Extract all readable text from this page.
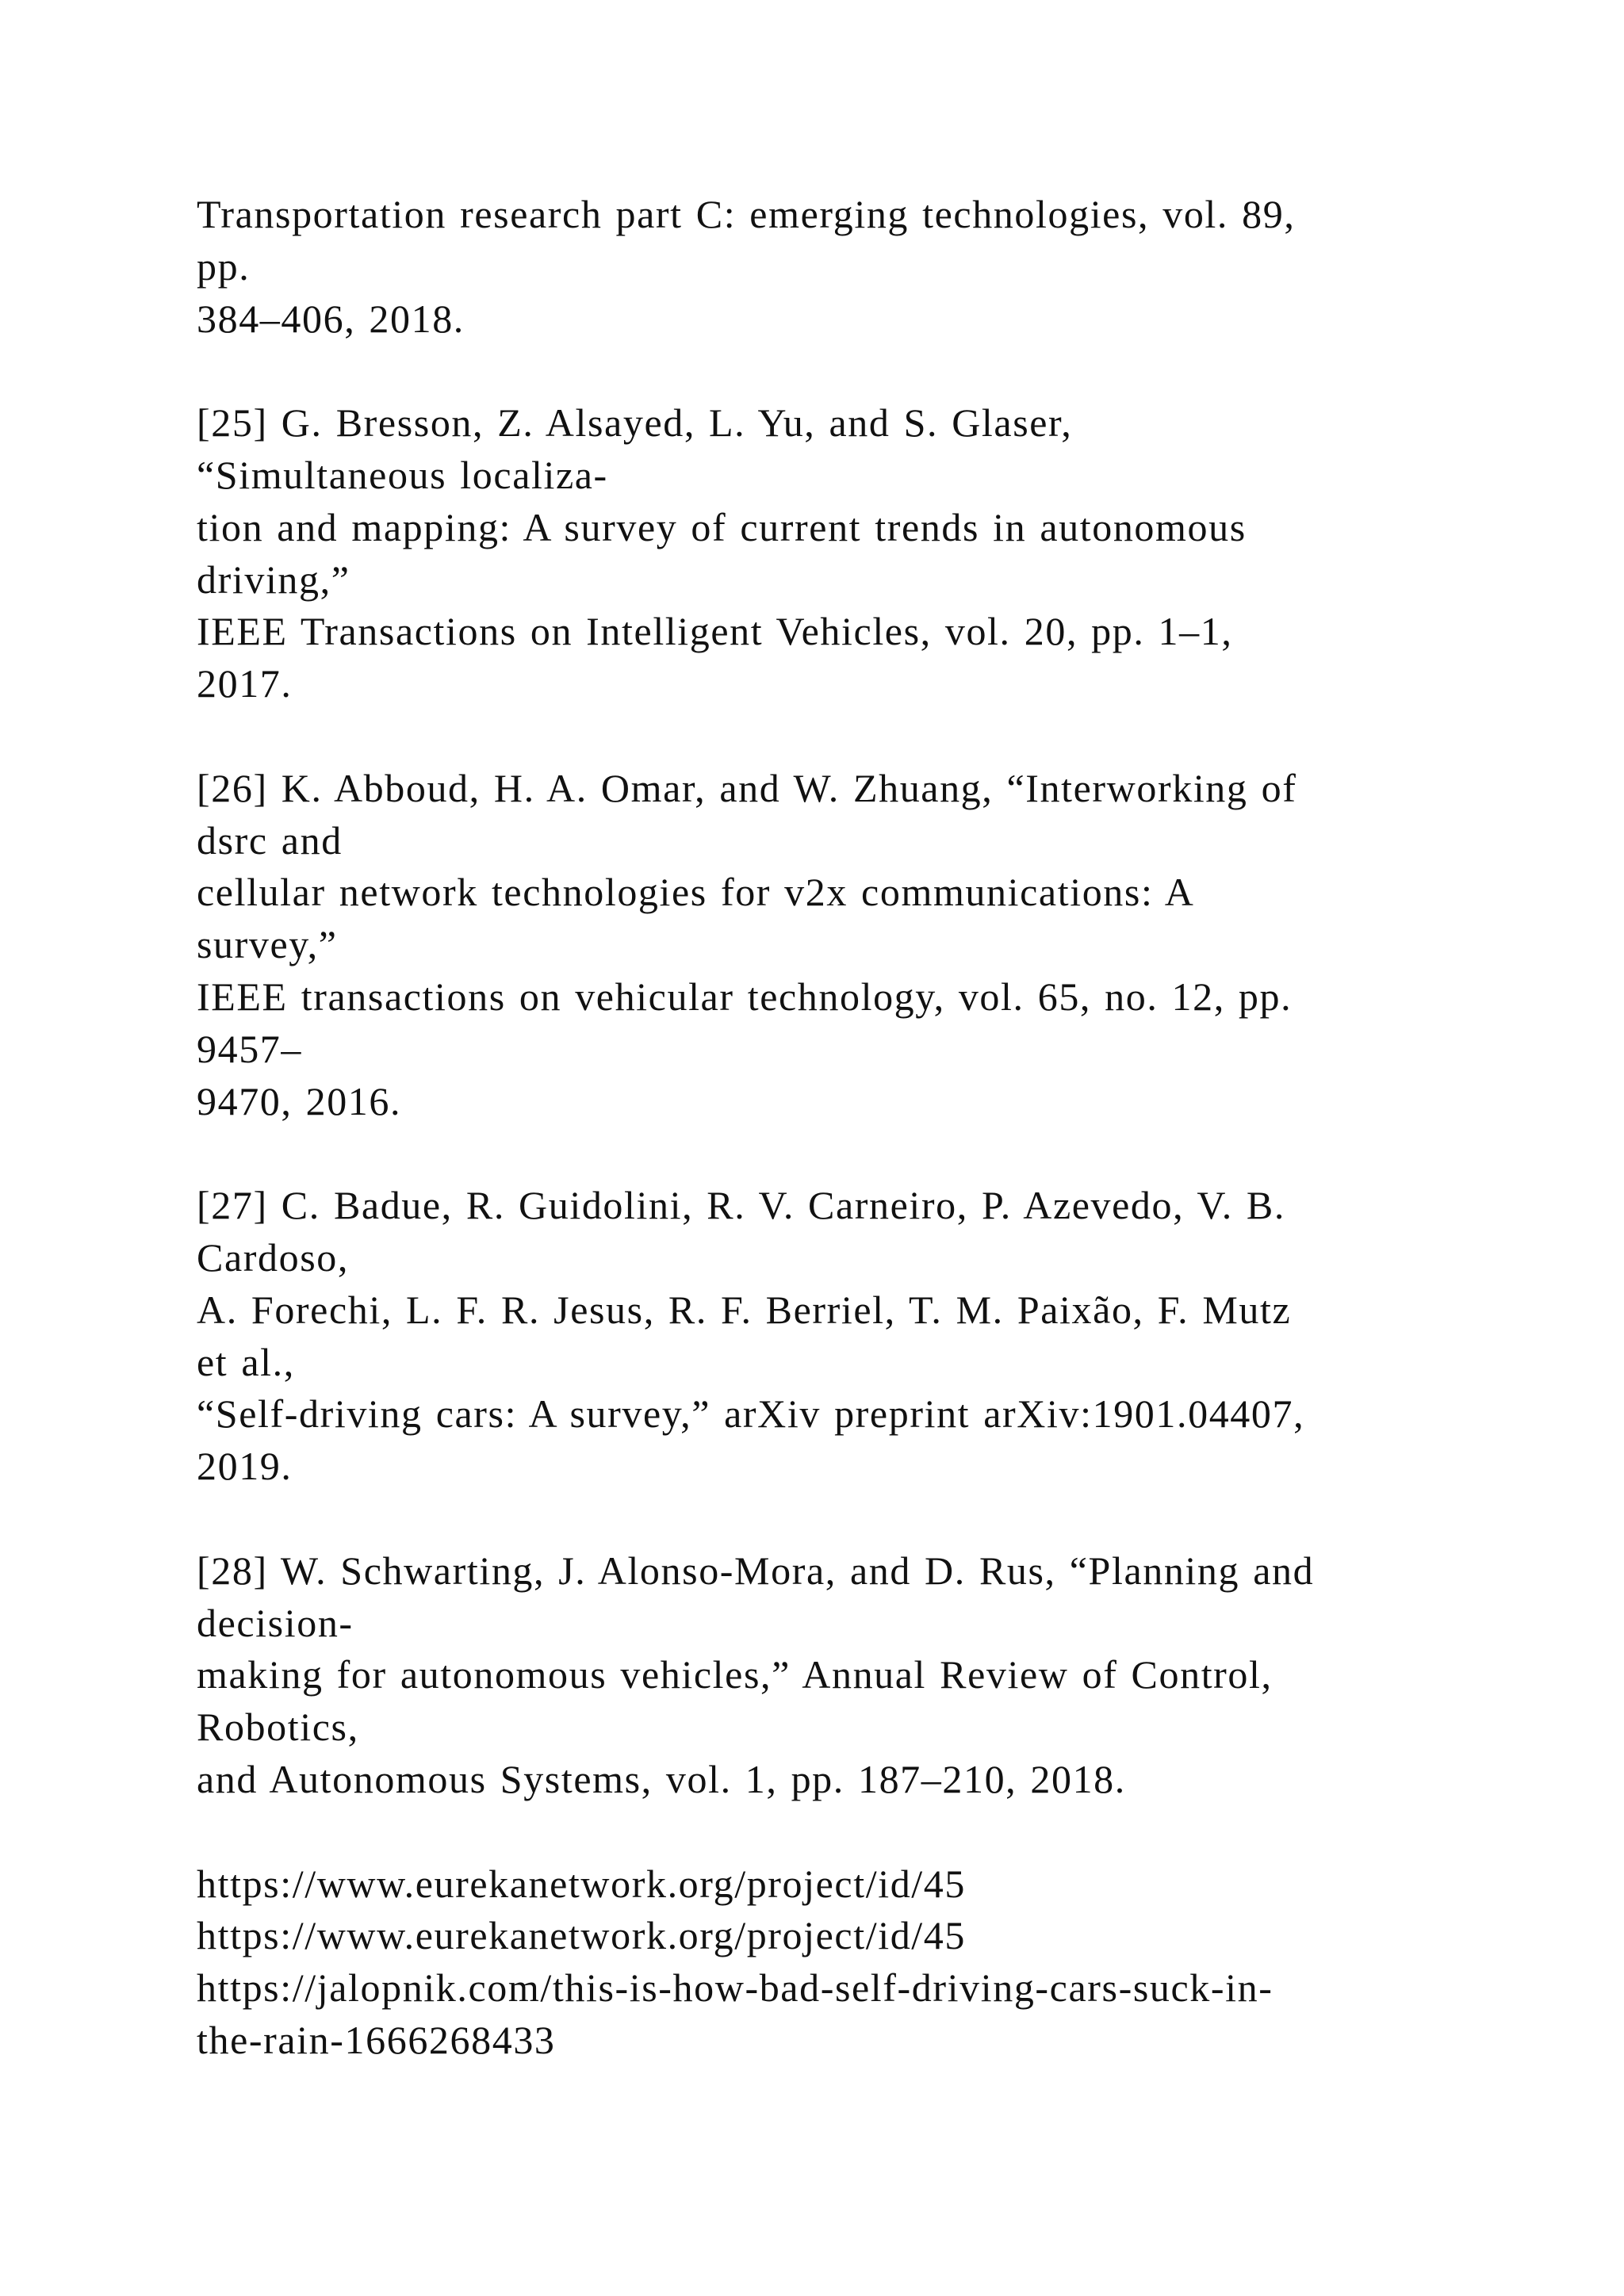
Transportation research part C: emerging technologies, vol. 89,
pp.
384–406, 2018.
[25] G. Bresson, Z. Alsayed, L. Yu, and S. Glaser,
“Simultaneous localiza-
tion and mapping: A survey of current trends in autonomous
driving,”
IEEE Transactions on Intelligent Vehicles, vol. 20, pp. 1–1,
2017.
[26] K. Abboud, H. A. Omar, and W. Zhuang, “Interworking of
dsrc and
cellular network technologies for v2x communications: A
survey,”
IEEE transactions on vehicular technology, vol. 65, no. 12, pp.
9457–
9470, 2016.
[27] C. Badue, R. Guidolini, R. V. Carneiro, P. Azevedo, V. B.
Cardoso,
A. Forechi, L. F. R. Jesus, R. F. Berriel, T. M. Paixão, F. Mutz
et al.,
“Self-driving cars: A survey,” arXiv preprint arXiv:1901.04407,
2019.
[28] W. Schwarting, J. Alonso-Mora, and D. Rus, “Planning and
decision-
making for autonomous vehicles,” Annual Review of Control,
Robotics,
and Autonomous Systems, vol. 1, pp. 187–210, 2018.
https://www.eurekanetwork.org/project/id/45
https://www.eurekanetwork.org/project/id/45
https://jalopnik.com/this-is-how-bad-self-driving-cars-suck-in-
the-rain-1666268433
